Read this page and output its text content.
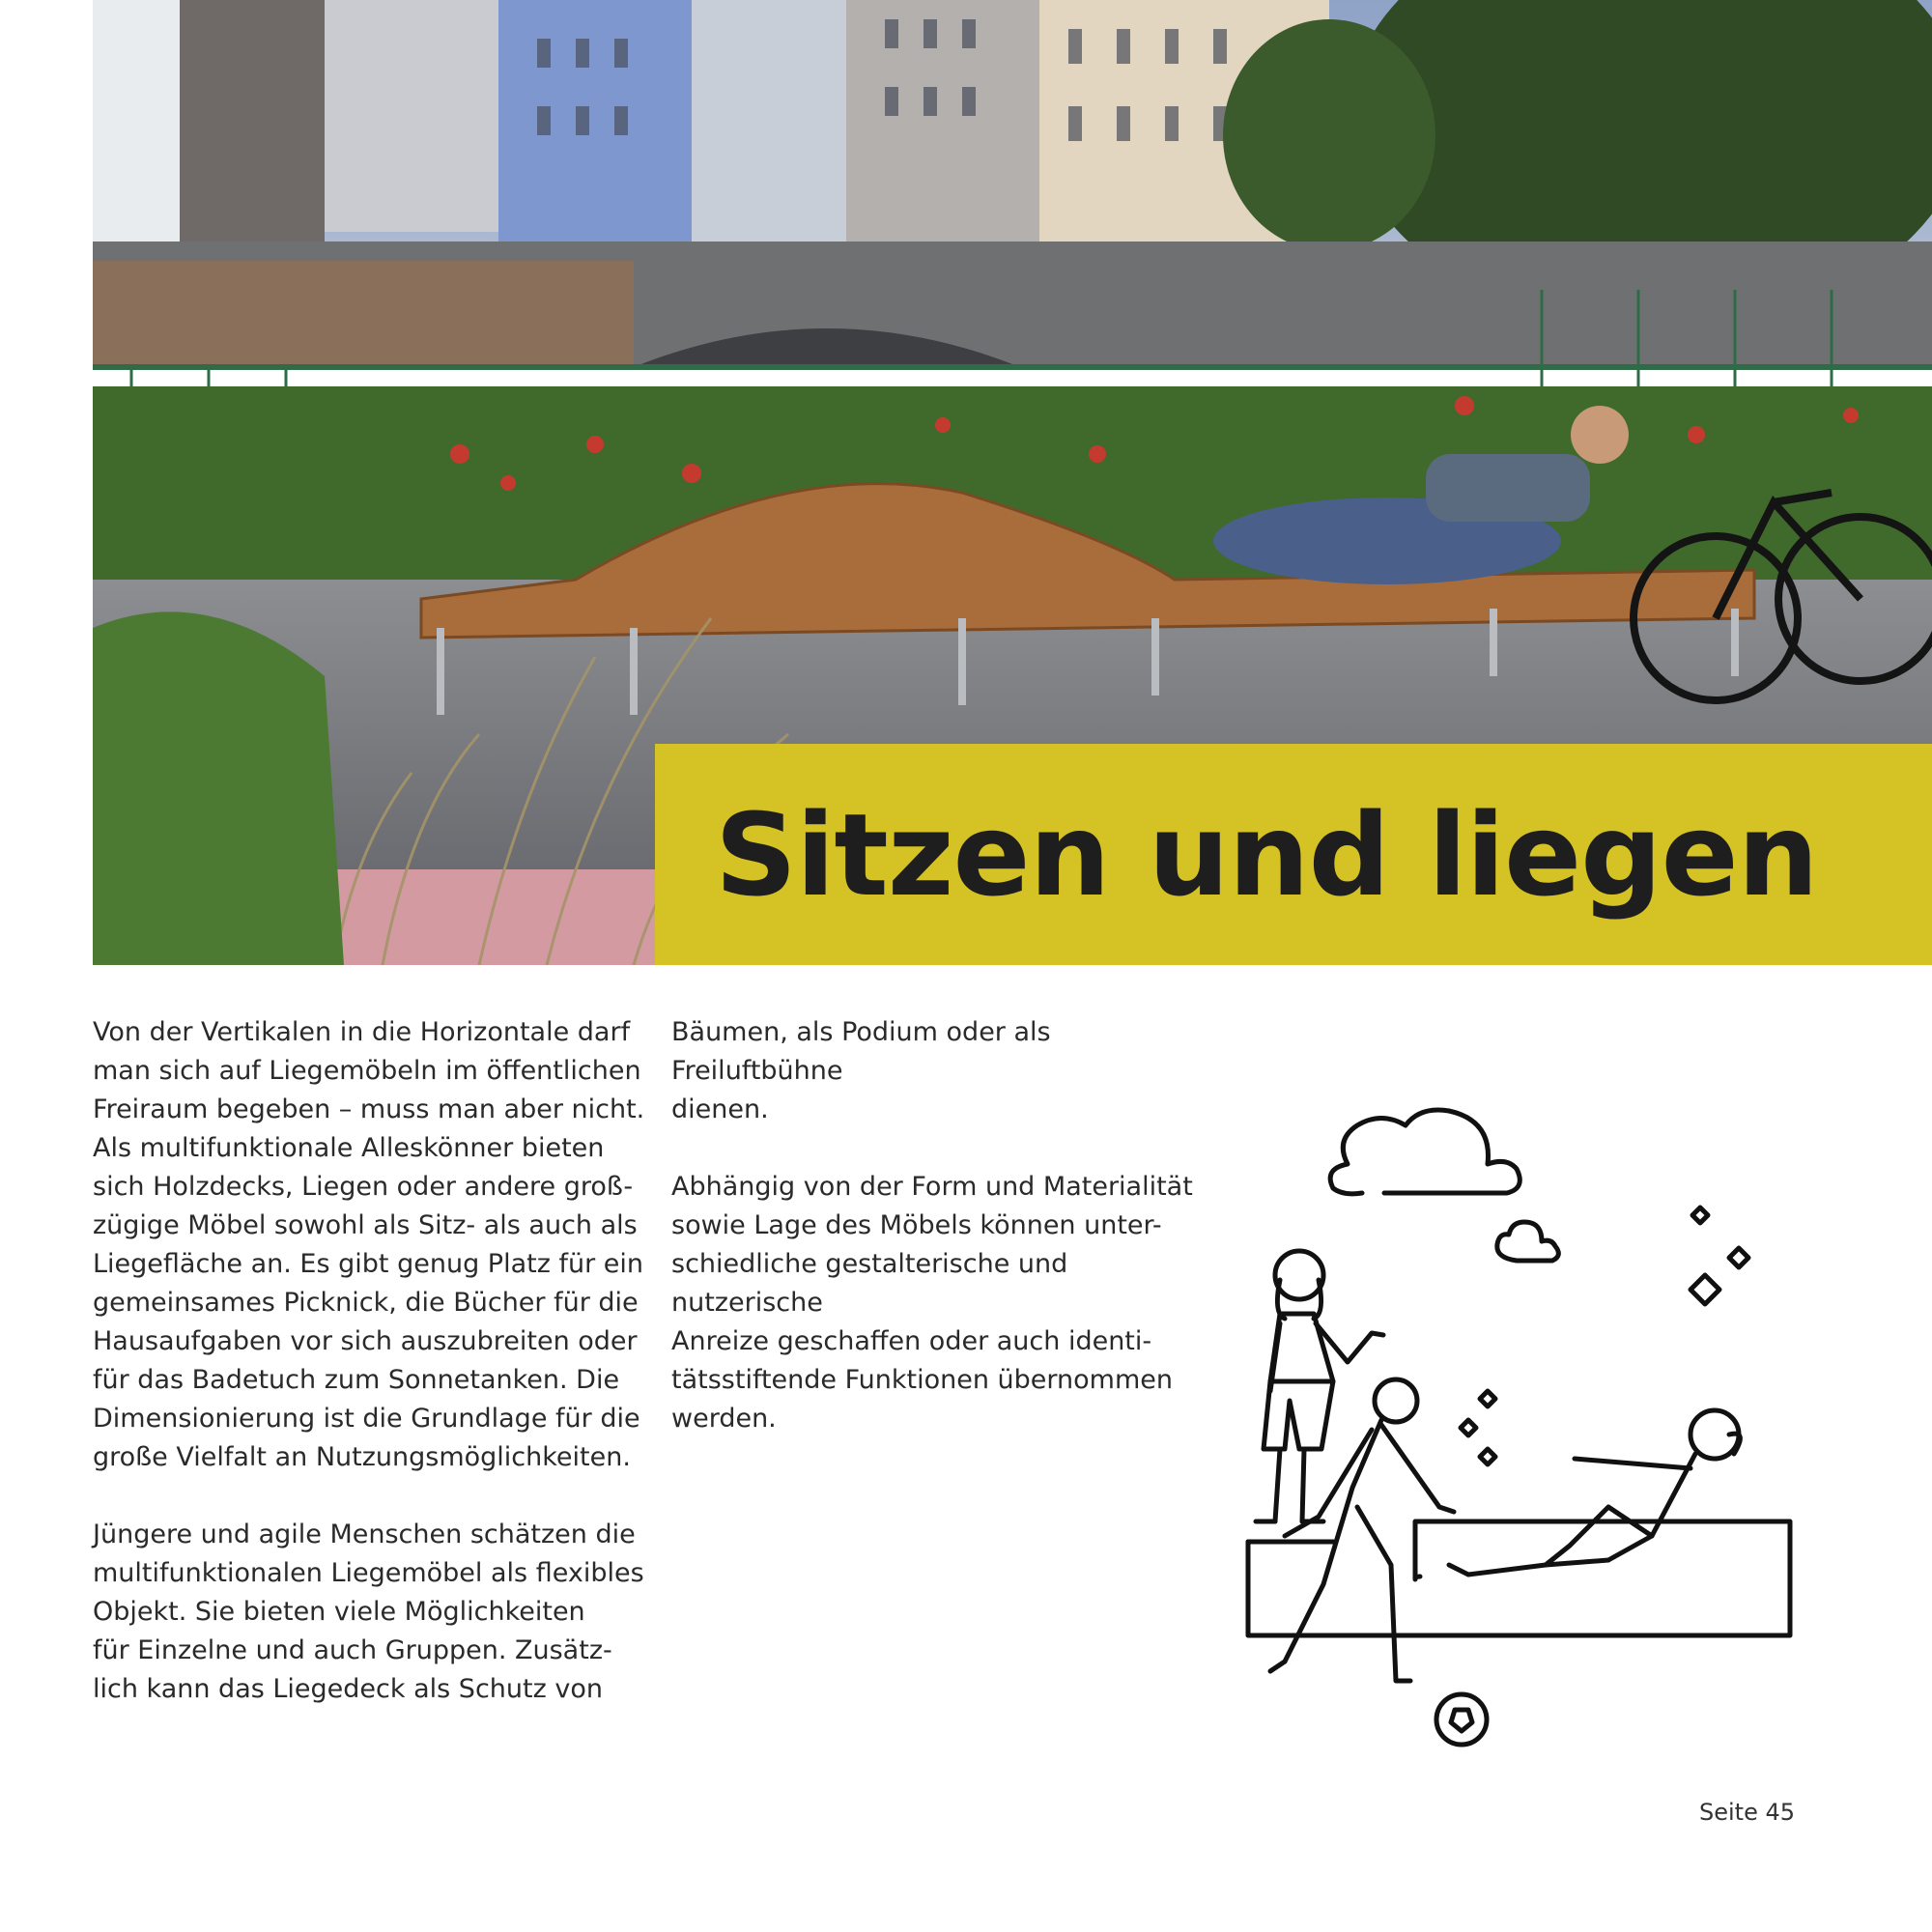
Sitzen und liegen

Von der Vertikalen in die Horizontale darf
man sich auf Liegemöbeln im öffentlichen
Freiraum begeben – muss man aber nicht.
Als multifunktionale Alleskönner bieten
sich Holzdecks, Liegen oder andere groß-
zügige Möbel sowohl als Sitz- als auch als
Liegefläche an. Es gibt genug Platz für ein
gemeinsames Picknick, die Bücher für die
Hausaufgaben vor sich auszubreiten oder
für das Badetuch zum Sonnetanken. Die
Dimensionierung ist die Grundlage für die
große Vielfalt an Nutzungsmöglichkeiten.

Jüngere und agile Menschen schätzen die
multifunktionalen Liegemöbel als flexibles
Objekt. Sie bieten viele Möglichkeiten
für Einzelne und auch Gruppen. Zusätz-
lich kann das Liegedeck als Schutz von

Bäumen, als Podium oder als Freiluftbühne
dienen.

Abhängig von der Form und Materialität
sowie Lage des Möbels können unter-
schiedliche gestalterische und nutzerische
Anreize geschaffen oder auch identi-
tätsstiftende Funktionen übernommen
werden.

Seite 45
